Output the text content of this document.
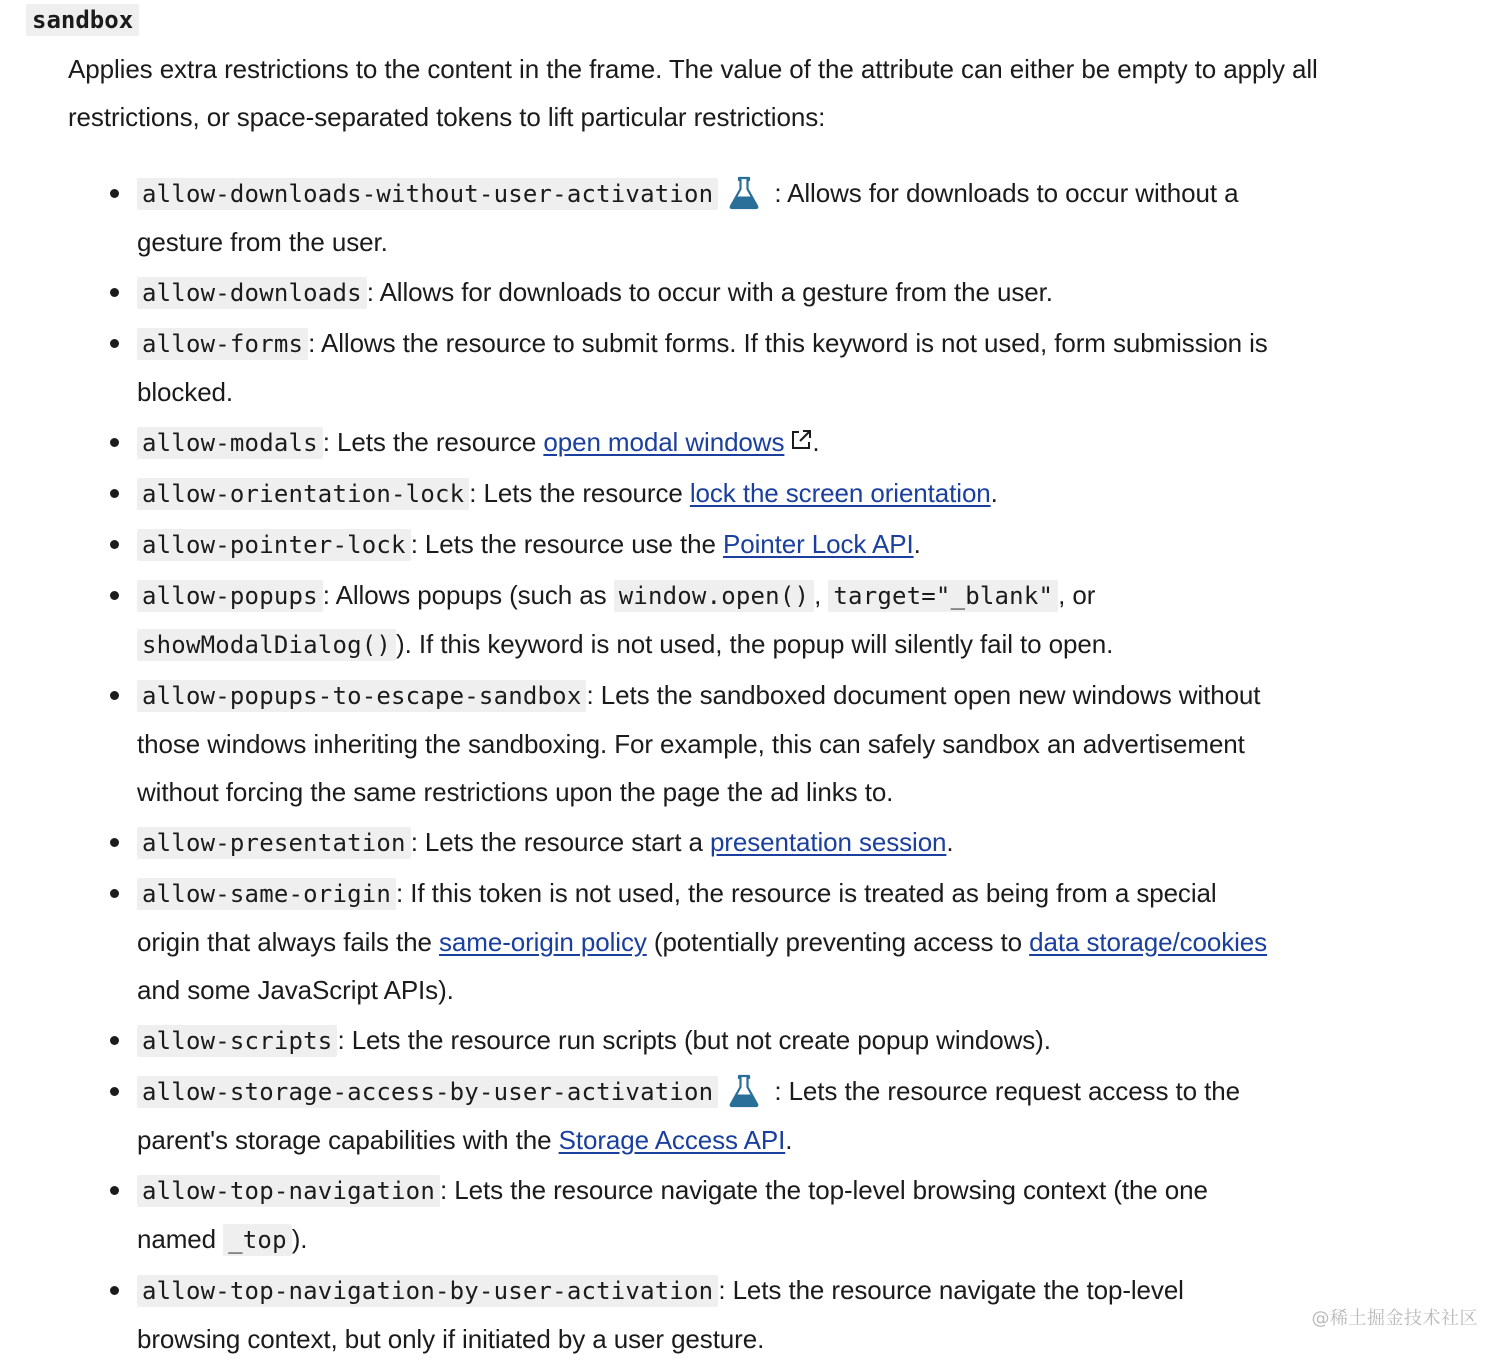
sandbox

Applies extra restrictions to the content in the frame. The value of the attribute can either be empty to apply all restrictions, or space-separated tokens to lift particular restrictions:

allow-downloads-without-user-activation : Allows for downloads to occur without a gesture from the user.
allow-downloads : Allows for downloads to occur with a gesture from the user.
allow-forms : Allows the resource to submit forms. If this keyword is not used, form submission is blocked.
allow-modals : Lets the resource open modal windows .
allow-orientation-lock : Lets the resource lock the screen orientation.
allow-pointer-lock : Lets the resource use the Pointer Lock API.
allow-popups : Allows popups (such as window.open() , target="_blank" , or showModalDialog() ). If this keyword is not used, the popup will silently fail to open.
allow-popups-to-escape-sandbox : Lets the sandboxed document open new windows without those windows inheriting the sandboxing. For example, this can safely sandbox an advertisement without forcing the same restrictions upon the page the ad links to.
allow-presentation : Lets the resource start a presentation session.
allow-same-origin : If this token is not used, the resource is treated as being from a special origin that always fails the same-origin policy (potentially preventing access to data storage/cookies and some JavaScript APIs).
allow-scripts : Lets the resource run scripts (but not create popup windows).
allow-storage-access-by-user-activation : Lets the resource request access to the parent's storage capabilities with the Storage Access API.
allow-top-navigation : Lets the resource navigate the top-level browsing context (the one named _top ).
allow-top-navigation-by-user-activation : Lets the resource navigate the top-level browsing context, but only if initiated by a user gesture.
@稀土掘金技术社区
